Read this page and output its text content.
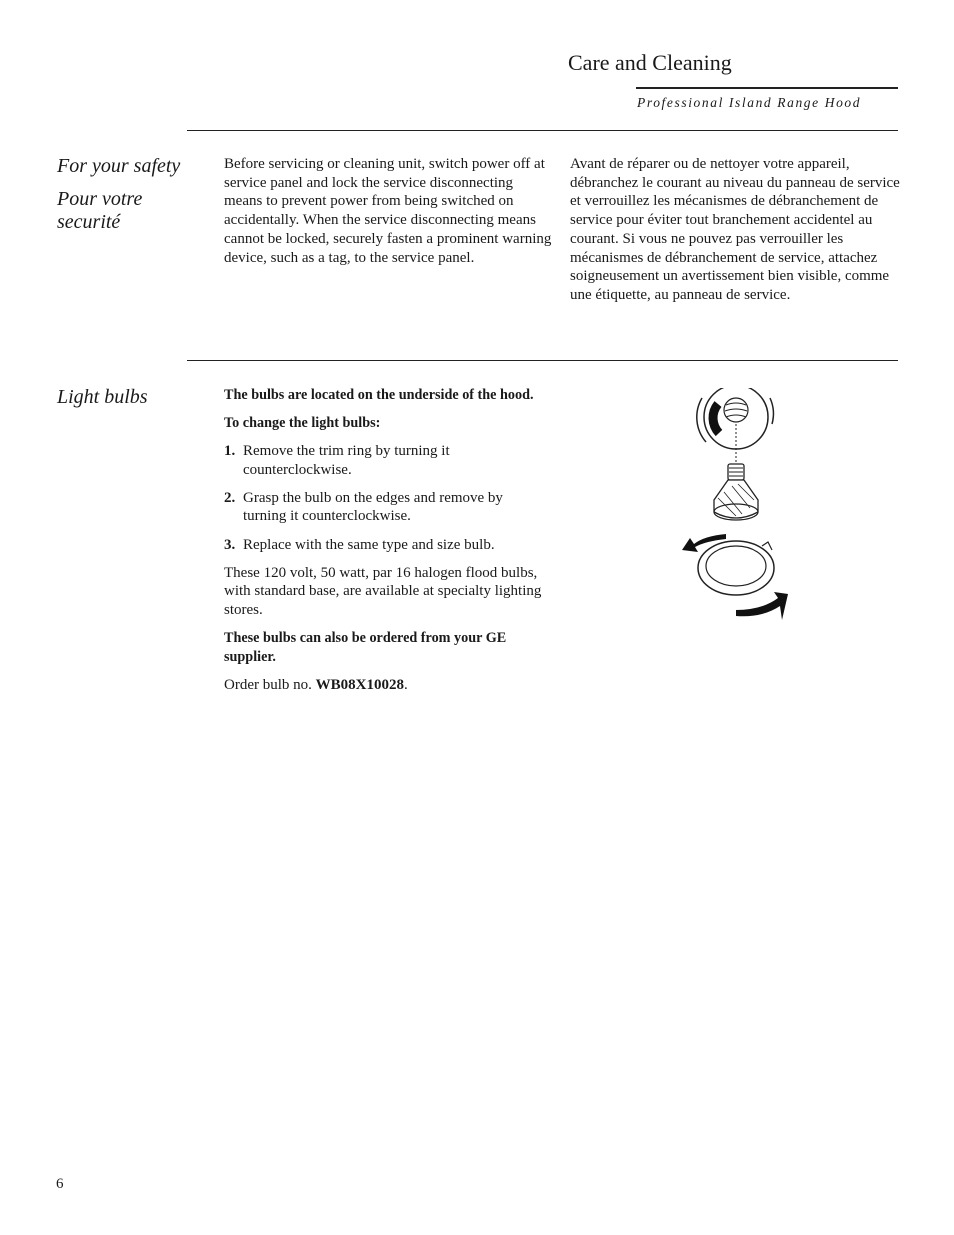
Care and Cleaning
Professional Island Range Hood
For your safety
Pour votre securité
Before servicing or cleaning unit, switch power off at service panel and lock the service disconnecting means to prevent power from being switched on accidentally. When the service disconnecting means cannot be locked, securely fasten a prominent warning device, such as a tag, to the service panel.
Avant de réparer ou de nettoyer votre appareil, débranchez le courant au niveau du panneau de service et verrouillez les mécanismes de débranchement de service pour éviter tout branchement accidentel au courant. Si vous ne pouvez pas verrouiller les mécanismes de débranchement de service, attachez soigneusement un avertissement bien visible, comme une étiquette, au panneau de service.
Light bulbs	The bulbs are located on the underside of the hood.

To change the light bulbs:

1. Remove the trim ring by turning it counterclockwise.
2. Grasp the bulb on the edges and remove by turning it counterclockwise.
3. Replace with the same type and size bulb.

These 120 volt, 50 watt, par 16 halogen flood bulbs, with standard base, are available at specialty lighting stores.

These bulbs can also be ordered from your GE supplier.

Order bulb no. WB08X10028.

6
